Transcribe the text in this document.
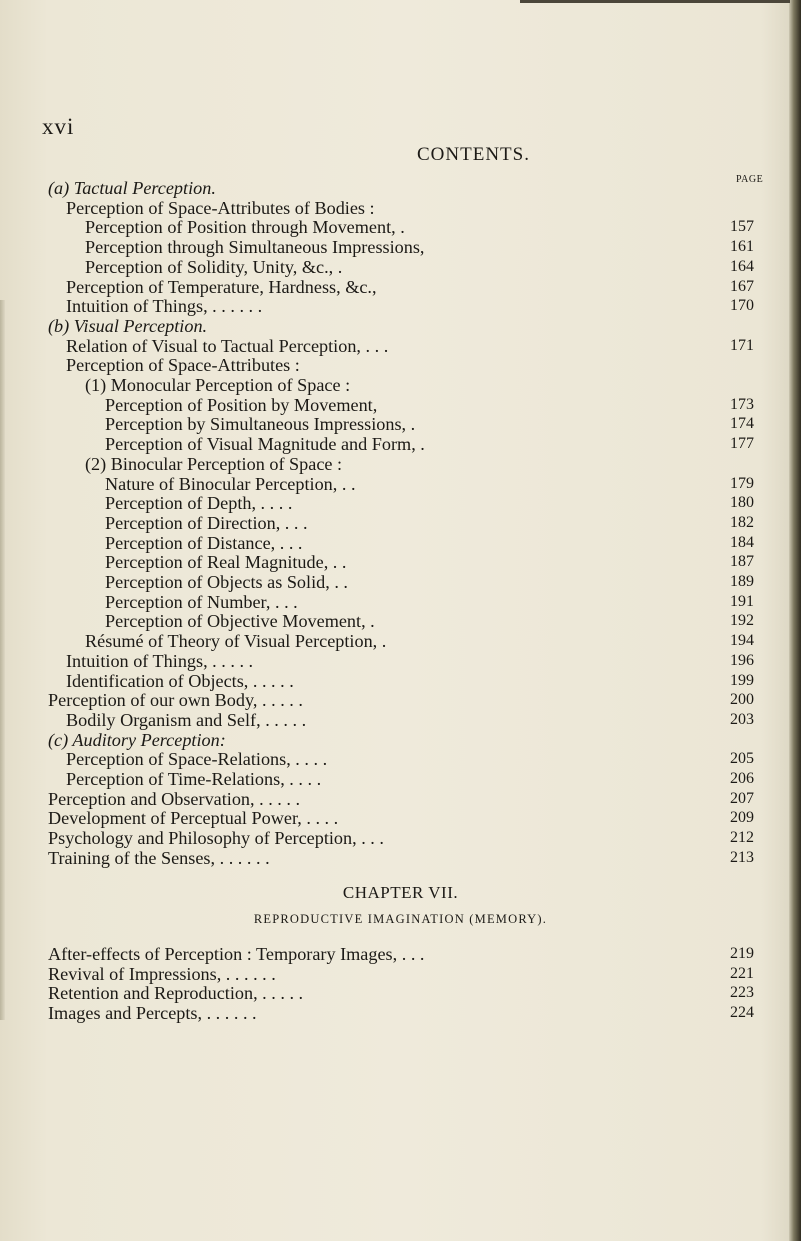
xvi
CONTENTS.
PAGE
(a) Tactual Perception.
Perception of Space-Attributes of Bodies :
Perception of Position through Movement, .	157
Perception through Simultaneous Impressions,	161
Perception of Solidity, Unity, &c., .	164
Perception of Temperature, Hardness, &c.,	167
Intuition of Things, . . . . . .	170
(b) Visual Perception.
Relation of Visual to Tactual Perception, . . .	171
Perception of Space-Attributes :
(1) Monocular Perception of Space :
Perception of Position by Movement,	173
Perception by Simultaneous Impressions, .	174
Perception of Visual Magnitude and Form, .	177
(2) Binocular Perception of Space :
Nature of Binocular Perception, . .	179
Perception of Depth, . . . .	180
Perception of Direction, . . .	182
Perception of Distance, . . .	184
Perception of Real Magnitude, . .	187
Perception of Objects as Solid, . .	189
Perception of Number, . . .	191
Perception of Objective Movement, .	192
Résumé of Theory of Visual Perception, .	194
Intuition of Things, . . . . .	196
Identification of Objects, . . . . .	199
Perception of our own Body, . . . . .	200
Bodily Organism and Self, . . . . .	203
(c) Auditory Perception:
Perception of Space-Relations, . . . .	205
Perception of Time-Relations, . . . .	206
Perception and Observation, . . . . .	207
Development of Perceptual Power, . . . .	209
Psychology and Philosophy of Perception, . . .	212
Training of the Senses, . . . . . .	213
CHAPTER VII.
REPRODUCTIVE IMAGINATION (MEMORY).
After-effects of Perception : Temporary Images, . . .	219
Revival of Impressions, . . . . . .	221
Retention and Reproduction, . . . . .	223
Images and Percepts, . . . . . .	224
